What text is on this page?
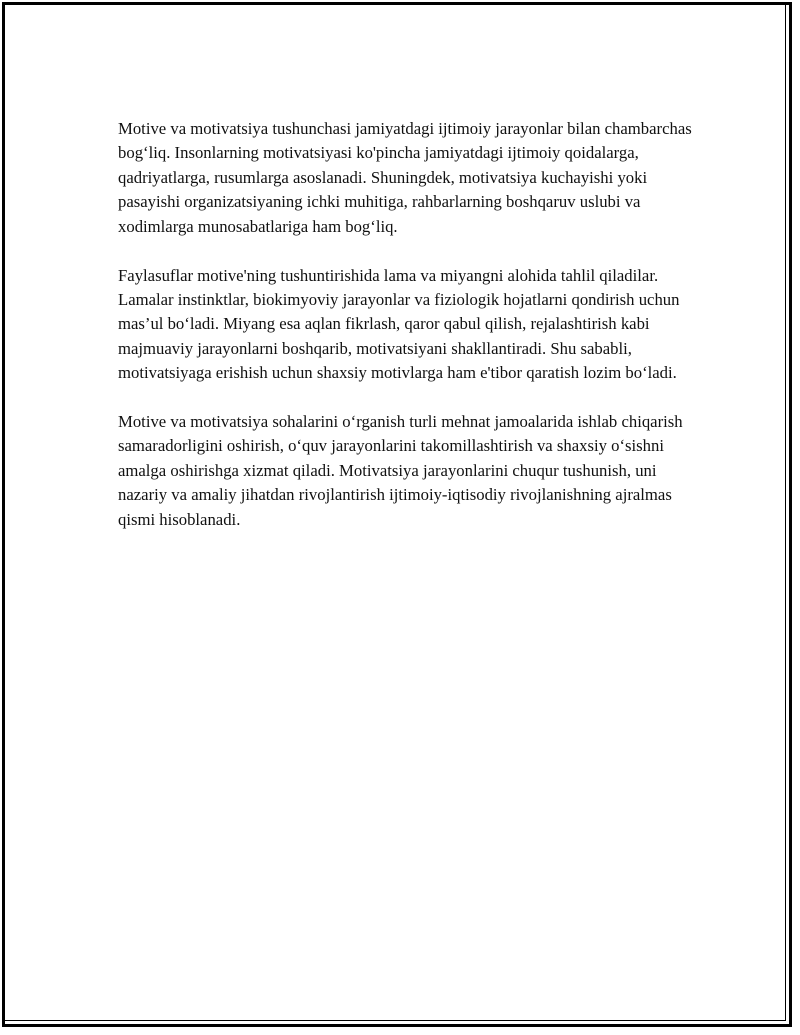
Motive va motivatsiya tushunchasi jamiyatdagi ijtimoiy jarayonlar bilan chambarchas bog‘liq. Insonlarning motivatsiyasi ko'pincha jamiyatdagi ijtimoiy qoidalarga, qadriyatlarga, rusumlarga asoslanadi. Shuningdek, motivatsiya kuchayishi yoki pasayishi organizatsiyaning ichki muhitiga, rahbarlarning boshqaruv uslubi va xodimlarga munosabatlariga ham bog‘liq.

Faylasuflar motive'ning tushuntirishida lama va miyangni alohida tahlil qiladilar. Lamalar instinktlar, biokimyoviy jarayonlar va fiziologik hojatlarni qondirish uchun mas’ul bo‘ladi. Miyang esa aqlan fikrlash, qaror qabul qilish, rejalashtirish kabi majmuaviy jarayonlarni boshqarib, motivatsiyani shakllantiradi. Shu sababli, motivatsiyaga erishish uchun shaxsiy motivlarga ham e'tibor qaratish lozim bo‘ladi.

Motive va motivatsiya sohalarini o‘rganish turli mehnat jamoalarida ishlab chiqarish samaradorligini oshirish, o‘quv jarayonlarini takomillashtirish va shaxsiy o‘sishni amalga oshirishga xizmat qiladi. Motivatsiya jarayonlarini chuqur tushunish, uni nazariy va amaliy jihatdan rivojlantirish ijtimoiy-iqtisodiy rivojlanishning ajralmas qismi hisoblanadi.
